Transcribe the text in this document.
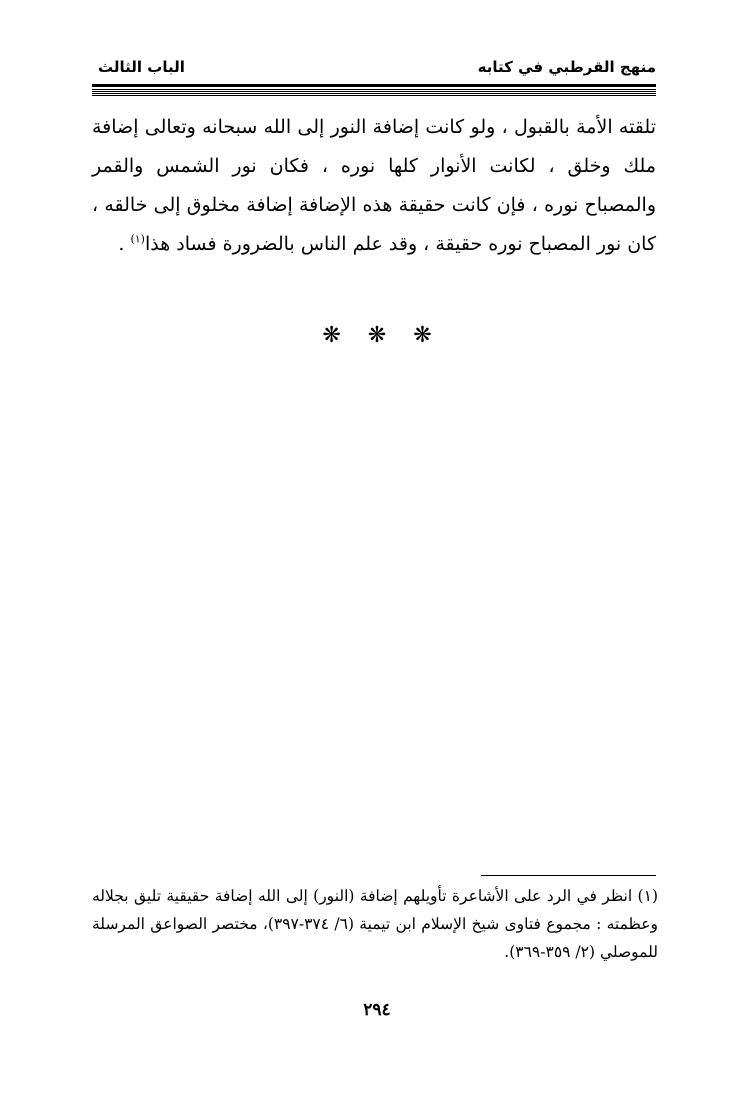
منهج القرطبي في كتابه
الباب الثالث

تلقته الأمة بالقبول ، ولو كانت إضافة النور إلى الله سبحانه وتعالى إضافة ملك وخلق ، لكانت الأنوار كلها نوره ، فكان نور الشمس والقمر والمصباح نوره ، فإن كانت حقيقة هذه الإضافة إضافة مخلوق إلى خالقه ، كان نور المصباح نوره حقيقة ، وقد علم الناس بالضرورة فساد هذا$^{(١)}$ .

❋ ❋ ❋

(١) انظر في الرد على الأشاعرة تأويلهم إضافة (النور) إلى الله إضافة حقيقية تليق بجلاله وعظمته : مجموع فتاوى شيخ الإسلام ابن تيمية (٦/ ٣٧٤-٣٩٧)، مختصر الصواعق المرسلة للموصلي (٢/ ٣٥٩-٣٦٩).

٢٩٤
